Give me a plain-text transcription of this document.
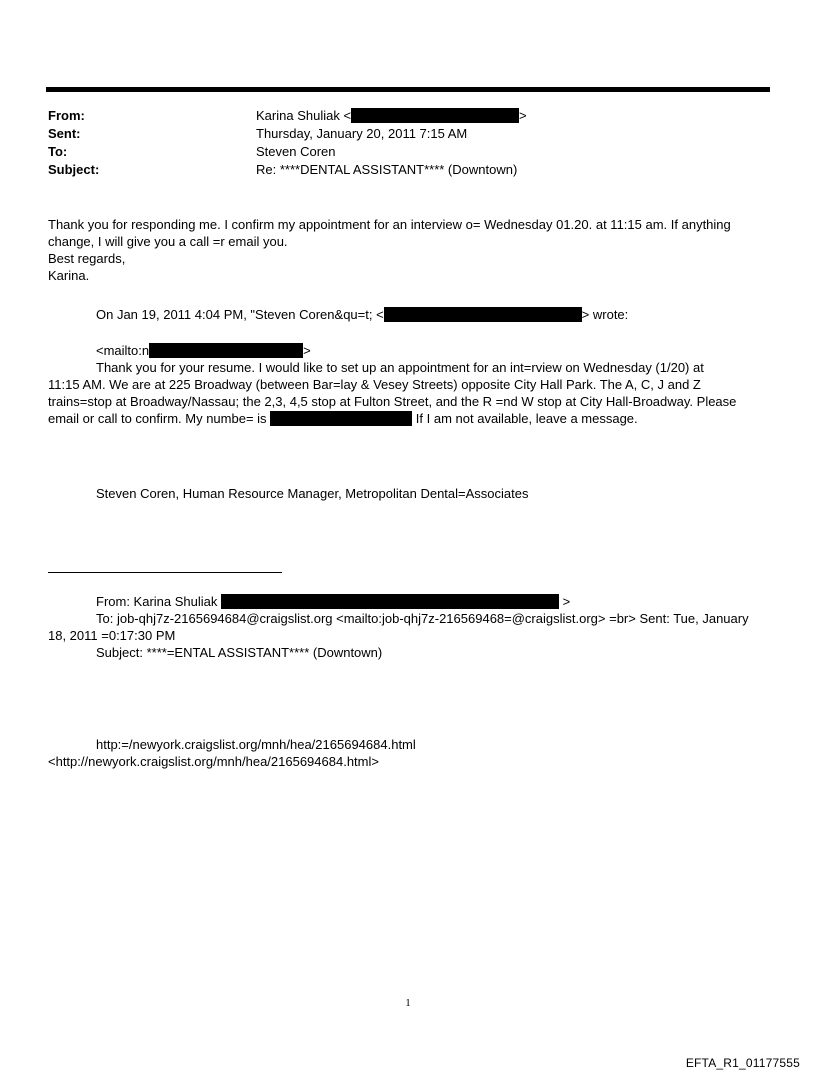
From:	Karina Shuliak <	>
Sent:	Thursday, January 20, 2011 7:15 AM
To:	Steven Coren
Subject:	Re: ****DENTAL ASSISTANT**** (Downtown)
Thank you for responding me. I confirm my appointment for an interview o= Wednesday 01.20. at 11:15 am. If anything
change, I will give you a call =r email you.
Best regards,
Karina.
On Jan 19, 2011 4:04 PM, "Steven Coren&qu=t; <	> wrote:
<mailto:n	>
Thank you for your resume. I would like to set up an appointment for an int=rview on Wednesday (1/20) at
11:15 AM. We are at 225 Broadway (between Bar=lay & Vesey Streets) opposite City Hall Park. The A, C, J and Z
trains=stop at Broadway/Nassau; the 2,3, 4,5 stop at Fulton Street, and the R =nd W stop at City Hall-Broadway. Please
email or call to confirm. My numbe= is	If I am not available, leave a message.
Steven Coren, Human Resource Manager, Metropolitan Dental=Associates
From: Karina Shuliak	>
To: job-qhj7z-2165694684@craigslist.org <mailto:job-qhj7z-216569468=@craigslist.org> =br> Sent: Tue, January
18, 2011 =0:17:30 PM
Subject: ****=ENTAL ASSISTANT**** (Downtown)
http:=/newyork.craigslist.org/mnh/hea/2165694684.html
<http://newyork.craigslist.org/mnh/hea/2165694684.html>
1
EFTA_R1_01177555
